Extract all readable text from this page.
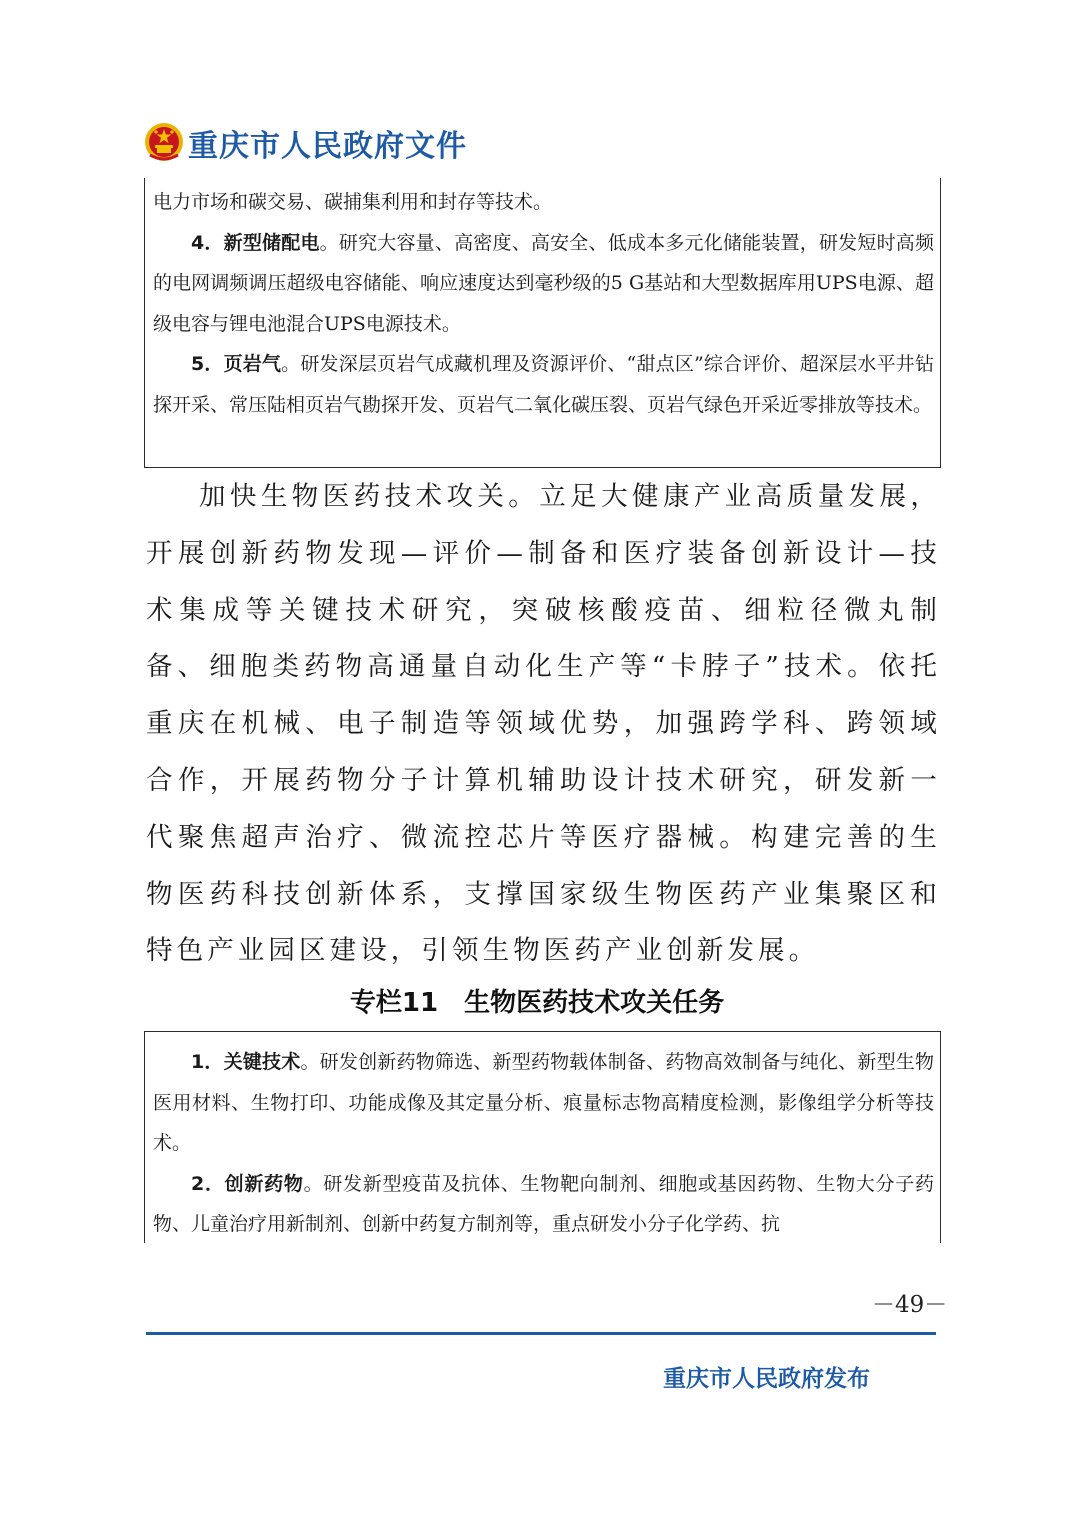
重庆市人民政府文件
电力市场和碳交易、碳捕集利用和封存等技术。
4．新型储配电。研究大容量、高密度、高安全、低成本多元化储能装置，研发短时高频的电网调频调压超级电容储能、响应速度达到毫秒级的5 G基站和大型数据库用UPS电源、超级电容与锂电池混合UPS电源技术。
5．页岩气。研发深层页岩气成藏机理及资源评价、“甜点区”综合评价、超深层水平井钻探开采、常压陆相页岩气勘探开发、页岩气二氧化碳压裂、页岩气绿色开采近零排放等技术。
加快生物医药技术攻关。立足大健康产业高质量发展，开展创新药物发现—评价—制备和医疗装备创新设计—技术集成等关键技术研究，突破核酸疫苗、细粒径微丸制备、细胞类药物高通量自动化生产等“卡脖子”技术。依托重庆在机械、电子制造等领域优势，加强跨学科、跨领域合作，开展药物分子计算机辅助设计技术研究，研发新一代聚焦超声治疗、微流控芯片等医疗器械。构建完善的生物医药科技创新体系，支撑国家级生物医药产业集聚区和特色产业园区建设，引领生物医药产业创新发展。
专栏11　生物医药技术攻关任务
1．关键技术。研发创新药物筛选、新型药物载体制备、药物高效制备与纯化、新型生物医用材料、生物打印、功能成像及其定量分析、痕量标志物高精度检测，影像组学分析等技术。
2．创新药物。研发新型疫苗及抗体、生物靶向制剂、细胞或基因药物、生物大分子药物、儿童治疗用新制剂、创新中药复方制剂等，重点研发小分子化学药、抗
－49－
重庆市人民政府发布
